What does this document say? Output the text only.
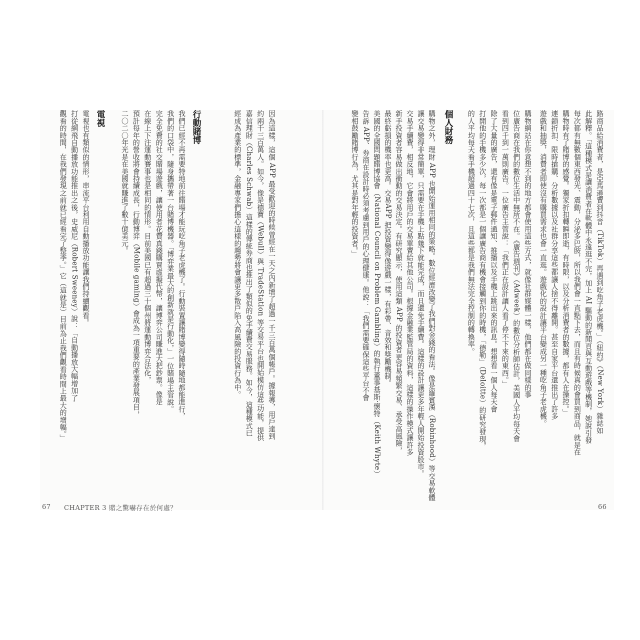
電視也有類似的情形，串流平台利用自動播放功能讓我們持續觀看。
打從網飛自動播放功能推出之後，史威尼（Robert Sweeney）說：「自動播放大幅增加了
觀看的時間，在我們發現之前就已經看完了整季。」它（這就是）目前為止我們觀看時間上最大的增幅。」	電視	我們已經不再需要特地前往賭場才能玩吃角子老虎機了。行動裝置讓賭博變得隨時隨地都能進行，
我們的口袋中，隨身攜帶著一台賭博機器。「博弈業最大的創新就是行動化，」一位賭場主管說。
完全免費的社交賭場遊戲，讓使用者花費真錢購買虛擬代幣，讓博弈公司賺進大把鈔票。像是
在線上下注運動賽事也是相同的情形。目前美國已有超過三十個州將運動博弈合法化，
預計每年的營收將會持續成長，行動博弈（Mobile gaming）會成為一項重要的產業發展項目，
二〇二〇年光是在美國就賺進了數十億美元。	行動賭博	因為這樣，這個 APP 最受歡迎的時候曾經在一天之內新增了超過一千三百萬個帳戶。據報導，用戶達到
約兩千三百萬人。如今，像是德寶（Webull）與 TradeStation 等交易平台也開始模仿這些功能，提供
嘉信理財（Charles Schwab）這樣的傳統券商也推出了類似的免手續費交易服務。如今，這種模式已
經成為產業的標準，金融專家們擔心這樣的趨勢將會讓更多散戶陷入高風險的投資行為中。	購物之外，理財 APP 也開始運用相同的策略。數位經濟改變了我們對金錢的看法。像是羅賓漢（Robinhood）等交易軟體
讓交易變得非常簡單，只需要在手機上點幾下就能完成，而且還免手續費。這樣的設計讓更多年輕人開始投資股市。
交易手續費，相反地，它會將用戶的交易單賣給其他公司。根據金融業監管局的資料，這樣的操作模式讓許多
新手投資者容易做出衝動的交易決定。有研究顯示，使用這類 APP 的投資者更容易頻繁交易、承受高風險，
最終虧損的機率也更高。交易APP 把投資變得像遊戲一樣，有彩帶、音效和獎勵機制。
美國的全國問題賭博協會（National Council on Problem Gambling）的執行董事基斯·懷特（Keith Whyte）
告訴 APP、券商在設計時必須考慮到用戶的心理健康。他說：「我們需要確保這些平台不會
變相鼓勵賭博行為，尤其是對年輕的投資者。」	個人財務	購物網站在你意想不到的地方都會使用這些方式，就像社群媒體一樣，他們都在做同樣的事
位廣告商在我們的數位生活中無所不在。《廣告週刊》（Adweek）的數位分析師估計，美國人平均每天會
看到四千到一萬則廣告。一位廣告主管說：「我們正在設計讓人看了停不下來的東西。」
除了大量的廣告，還有像是電子郵件通知、推播以及手機上跳出來的訊息。想想看一個人每天會
打開他的手機多少次，每一次都是一個讓廣告商有機會接觸到你的時機，「德勒」（Deloitte）的研究發現，
的人平均每天看手機超過四十七次，且這些都是我們無法完全控制的轉換率。	路商品給消費者，是亞馬遜賣到抖音（TikTok）再遇到吃角子老虎機。」（紐約》（New York）雜誌如
此解釋。「這種模式是讓消費者在軟體中永遠逛不完，加上 AI 驅動的新聞頁與互動遊戲等機制，她說引發
每次都有無數個東西發光、震動，分泌多巴胺，所以我們會一直點下去，而且有時候真的會買到商品，就是在
購物時有了賭博的感覺。獨家折扣轉瞬即逝，有時限，以及分析消費者的數據，都有人在操控。」
連鎖折扣、限時搶購、分析數據以及社群分享這些都讓人捨不得離開。甚至自家平台還推出了許多
遊戲和抽獎，消費者即使沒有購買需求也會一直逛。遊戲化的設計讓平台變成另一種吃角子老虎機。
67 CHAPTER 3 賭之驚嚇存在於何處？	66
